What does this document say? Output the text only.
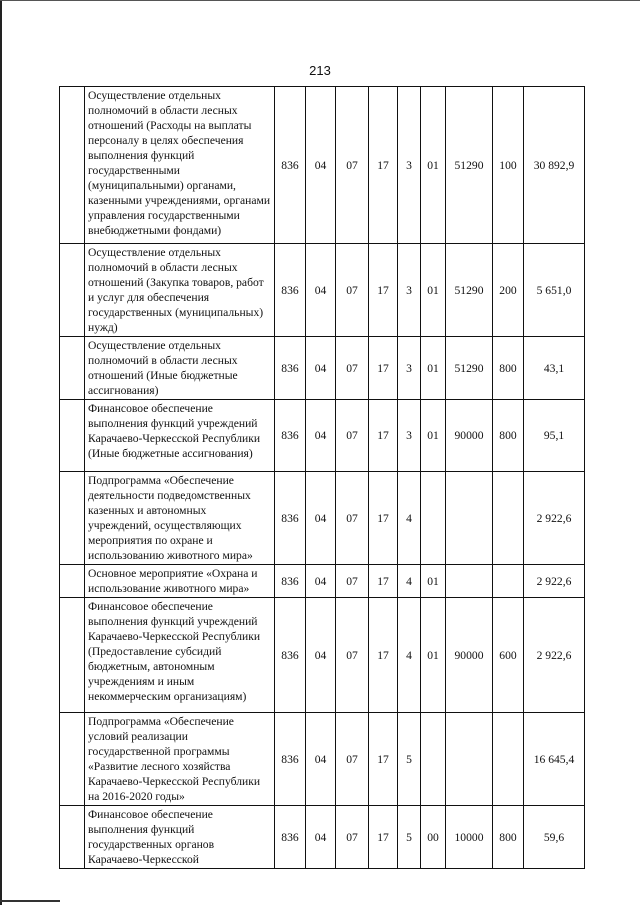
213
	Осуществление отдельных полномочий в области лесных отношений (Расходы на выплаты персоналу в целях обеспечения выполнения функций государственными (муниципальными) органами, казенными учреждениями, органами управления государственными внебюджетными фондами)	836	04	07	17	3	01	51290	100	30 892,9
	Осуществление отдельных полномочий в области лесных отношений (Закупка товаров, работ и услуг для обеспечения государственных (муниципальных) нужд)	836	04	07	17	3	01	51290	200	5 651,0
	Осуществление отдельных полномочий в области лесных отношений (Иные бюджетные ассигнования)	836	04	07	17	3	01	51290	800	43,1
	Финансовое обеспечение выполнения функций учреждений Карачаево-Черкесской Республики (Иные бюджетные ассигнования)	836	04	07	17	3	01	90000	800	95,1
	Подпрограмма «Обеспечение деятельности подведомственных казенных и автономных учреждений, осуществляющих мероприятия по охране и использованию животного мира»	836	04	07	17	4				2 922,6
	Основное мероприятие «Охрана и использование животного мира»	836	04	07	17	4	01			2 922,6
	Финансовое обеспечение выполнения функций учреждений Карачаево-Черкесской Республики (Предоставление субсидий бюджетным, автономным учреждениям и иным некоммерческим организациям)	836	04	07	17	4	01	90000	600	2 922,6
	Подпрограмма «Обеспечение условий реализации государственной программы «Развитие лесного хозяйства Карачаево-Черкесской Республики на 2016-2020 годы»	836	04	07	17	5				16 645,4
	Финансовое обеспечение выполнения функций государственных органов Карачаево-Черкесской	836	04	07	17	5	00	10000	800	59,6
